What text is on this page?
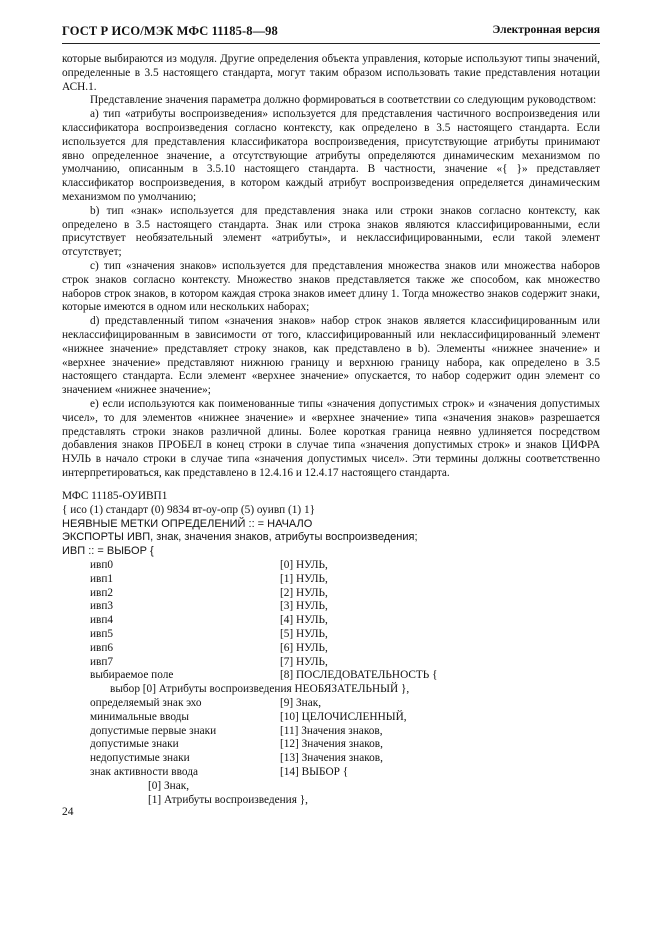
ГОСТ Р ИСО/МЭК МФС 11185-8—98	Электронная версия

которые выбираются из модуля. Другие определения объекта управления, которые используют типы значений, определенные в 3.5 настоящего стандарта, могут таким образом использовать такие представления нотации АСН.1.

Представление значения параметра должно формироваться в соответствии со следующим руководством:

а) тип «атрибуты воспроизведения» используется для представления частичного воспроизведения или классификатора воспроизведения согласно контексту, как определено в 3.5 настоящего стандарта. Если используется для представления классификатора воспроизведения, присутствующие атрибуты принимают явно определенное значение, а отсутствующие атрибуты определяются динамическим механизмом по умолчанию, описанным в 3.5.10 настоящего стандарта. В частности, значение «{ }» представляет классификатор воспроизведения, в котором каждый атрибут воспроизведения определяется динамическим механизмом по умолчанию;

b) тип «знак» используется для представления знака или строки знаков согласно контексту, как определено в 3.5 настоящего стандарта. Знак или строка знаков являются классифицированными, если присутствует необязательный элемент «атрибуты», и неклассифицированными, если такой элемент отсутствует;

с) тип «значения знаков» используется для представления множества знаков или множества наборов строк знаков согласно контексту. Множество знаков представляется также же способом, как множество наборов строк знаков, в котором каждая строка знаков имеет длину 1. Тогда множество знаков содержит знаки, которые имеются в одном или нескольких наборах;

d) представленный типом «значения знаков» набор строк знаков является классифицированным или неклассифицированным в зависимости от того, классифицированный или неклассифицированный элемент «нижнее значение» представляет строку знаков, как представлено в b). Элементы «нижнее значение» и «верхнее значение» представляют нижнюю границу и верхнюю границу набора, как определено в 3.5 настоящего стандарта. Если элемент «верхнее значение» опускается, то набор содержит один элемент со значением «нижнее значение»;

е) если используются как поименованные типы «значения допустимых строк» и «значения допустимых чисел», то для элементов «нижнее значение» и «верхнее значение» типа «значения знаков» разрешается представлять строки знаков различной длины. Более короткая граница неявно удлиняется посредством добавления знаков ПРОБЕЛ в конец строки в случае типа «значения допустимых строк» и знаков ЦИФРА НУЛЬ в начало строки в случае типа «значения допустимых чисел». Эти термины должны соответственно интерпретироваться, как представлено в 12.4.16 и 12.4.17 настоящего стандарта.

МФС 11185-ОУИВП1
{ исо (1) стандарт (0) 9834 вт-оу-опр (5) оуивп (1) 1}
НЕЯВНЫЕ МЕТКИ ОПРЕДЕЛЕНИЙ :: = НАЧАЛО
ЭКСПОРТЫ ИВП, знак, значения знаков, атрибуты воспроизведения;
ИВП :: = ВЫБОР {
ивп0	[0] НУЛЬ,
ивп1	[1] НУЛЬ,
ивп2	[2] НУЛЬ,
ивп3	[3] НУЛЬ,
ивп4	[4] НУЛЬ,
ивп5	[5] НУЛЬ,
ивп6	[6] НУЛЬ,
ивп7	[7] НУЛЬ,
выбираемое поле	[8] ПОСЛЕДОВАТЕЛЬНОСТЬ {
выбор [0] Атрибуты воспроизведения НЕОБЯЗАТЕЛЬНЫЙ },
определяемый знак эхо	[9] Знак,
минимальные вводы	[10] ЦЕЛОЧИСЛЕННЫЙ,
допустимые первые знаки	[11] Значения знаков,
допустимые знаки	[12] Значения знаков,
недопустимые знаки	[13] Значения знаков,
знак активности ввода	[14] ВЫБОР {
[0] Знак,
[1] Атрибуты воспроизведения },
24
